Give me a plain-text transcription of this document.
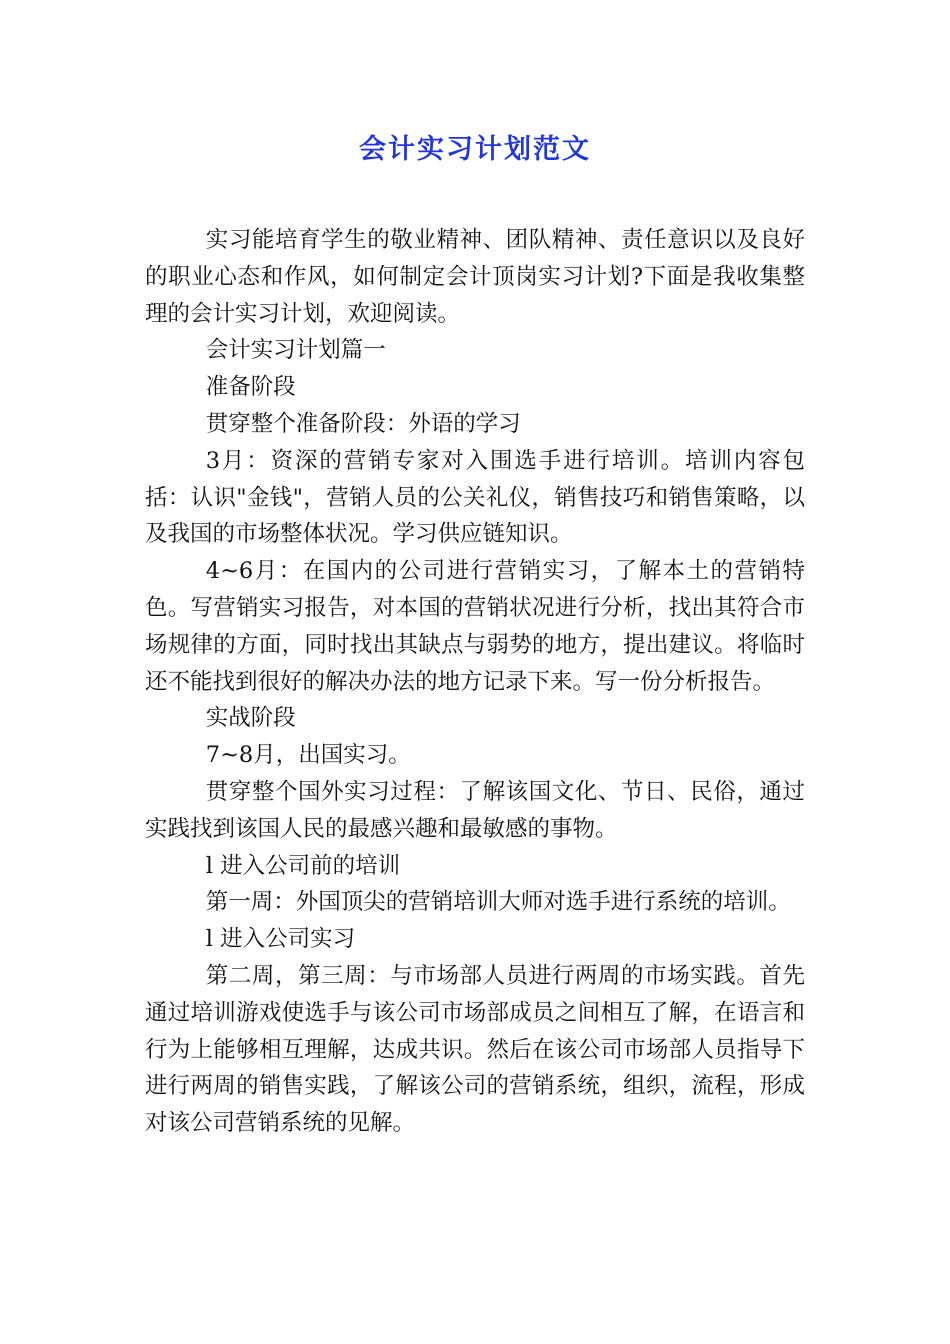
会计实习计划范文

实习能培育学生的敬业精神、团队精神、责任意识以及良好的职业心态和作风，如何制定会计顶岗实习计划?下面是我收集整理的会计实习计划，欢迎阅读。

会计实习计划篇一

准备阶段

贯穿整个准备阶段：外语的学习

3月：资深的营销专家对入围选手进行培训。培训内容包括：认识"金钱"，营销人员的公关礼仪，销售技巧和销售策略，以及我国的市场整体状况。学习供应链知识。

4~6月：在国内的公司进行营销实习，了解本土的营销特色。写营销实习报告，对本国的营销状况进行分析，找出其符合市场规律的方面，同时找出其缺点与弱势的地方，提出建议。将临时还不能找到很好的解决办法的地方记录下来。写一份分析报告。

实战阶段

7~8月，出国实习。

贯穿整个国外实习过程：了解该国文化、节日、民俗，通过实践找到该国人民的最感兴趣和最敏感的事物。

l 进入公司前的培训

第一周：外国顶尖的营销培训大师对选手进行系统的培训。

l 进入公司实习

第二周，第三周：与市场部人员进行两周的市场实践。首先通过培训游戏使选手与该公司市场部成员之间相互了解，在语言和行为上能够相互理解，达成共识。然后在该公司市场部人员指导下进行两周的销售实践，了解该公司的营销系统，组织，流程，形成对该公司营销系统的见解。
